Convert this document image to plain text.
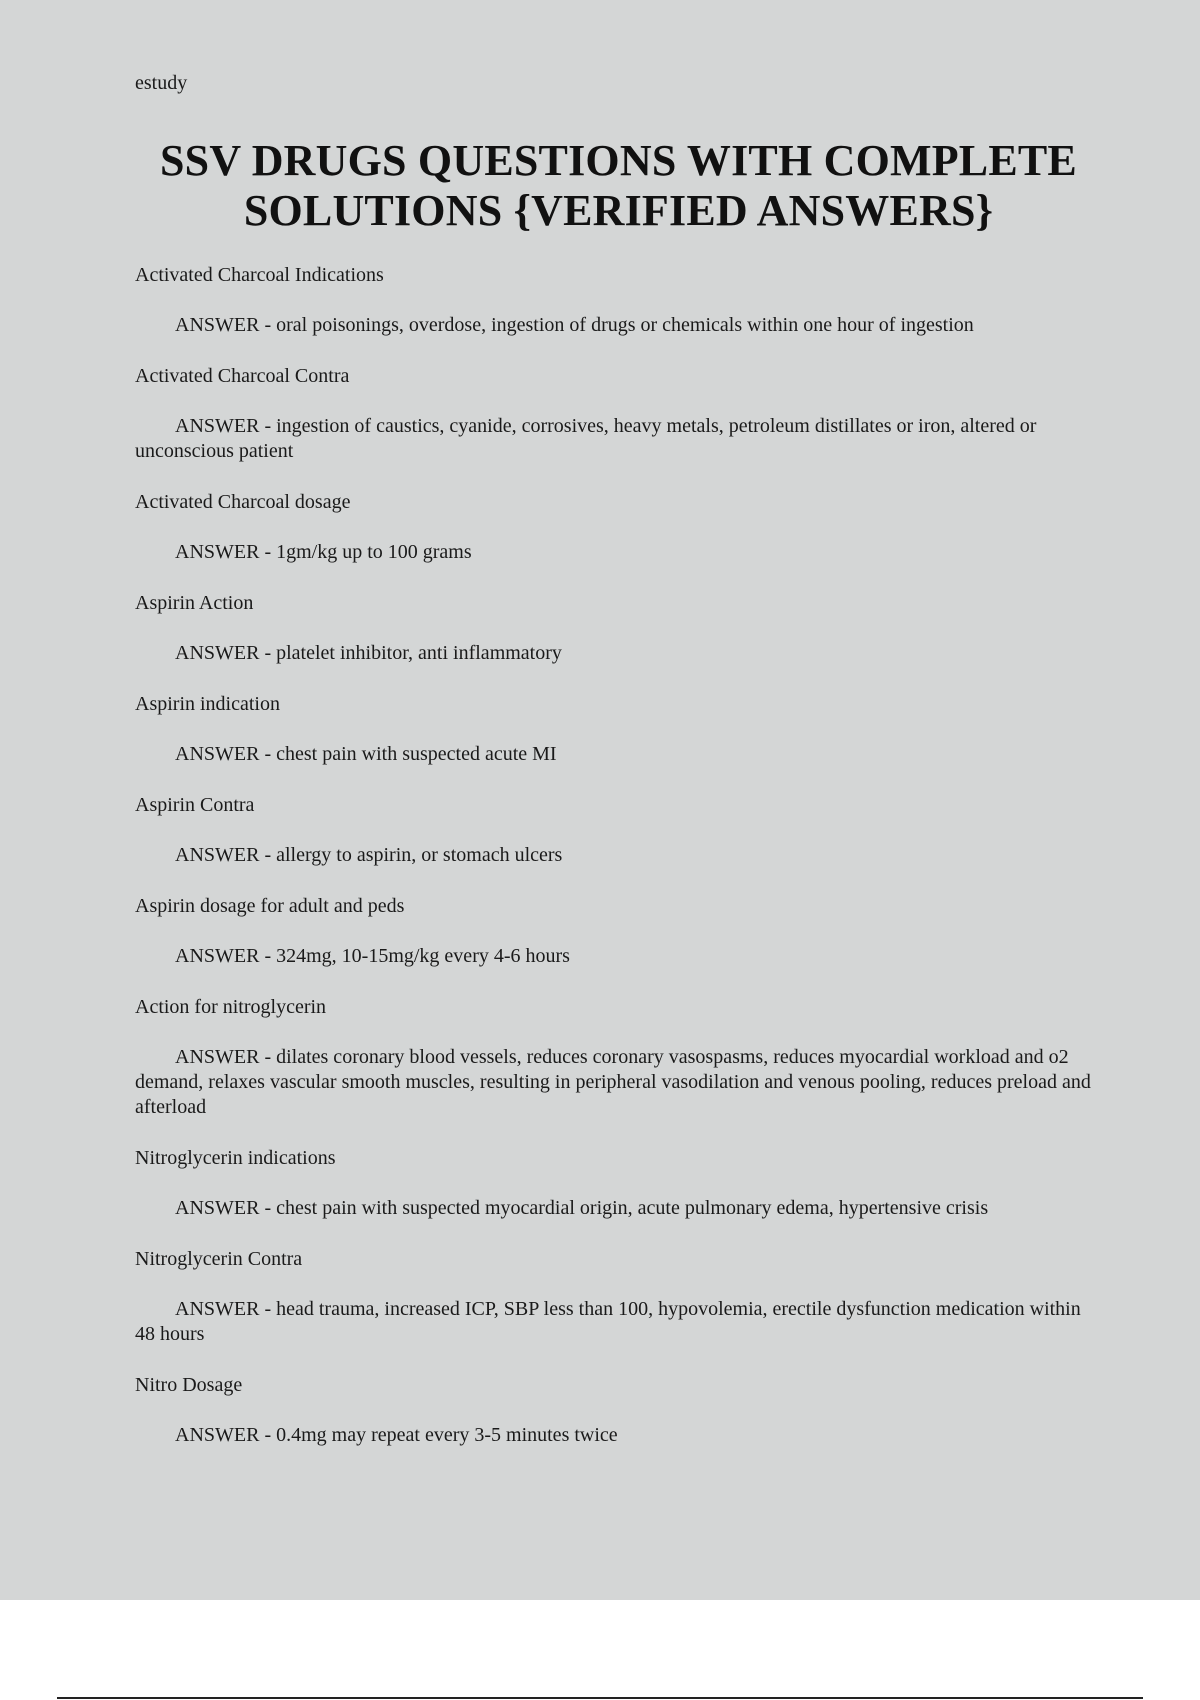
estudy
SSV DRUGS QUESTIONS WITH COMPLETE SOLUTIONS {VERIFIED ANSWERS}

Activated Charcoal Indications

ANSWER - oral poisonings, overdose, ingestion of drugs or chemicals within one hour of ingestion

Activated Charcoal Contra

ANSWER - ingestion of caustics, cyanide, corrosives, heavy metals, petroleum distillates or iron, altered or unconscious patient

Activated Charcoal dosage

ANSWER - 1gm/kg up to 100 grams

Aspirin Action

ANSWER - platelet inhibitor, anti inflammatory

Aspirin indication

ANSWER - chest pain with suspected acute MI

Aspirin Contra

ANSWER - allergy to aspirin, or stomach ulcers

Aspirin dosage for adult and peds

ANSWER - 324mg, 10-15mg/kg every 4-6 hours

Action for nitroglycerin

ANSWER - dilates coronary blood vessels, reduces coronary vasospasms, reduces myocardial workload and o2 demand, relaxes vascular smooth muscles, resulting in peripheral vasodilation and venous pooling, reduces preload and afterload

Nitroglycerin indications

ANSWER - chest pain with suspected myocardial origin, acute pulmonary edema, hypertensive crisis

Nitroglycerin Contra

ANSWER - head trauma, increased ICP, SBP less than 100, hypovolemia, erectile dysfunction medication within 48 hours

Nitro Dosage

ANSWER - 0.4mg may repeat every 3-5 minutes twice
